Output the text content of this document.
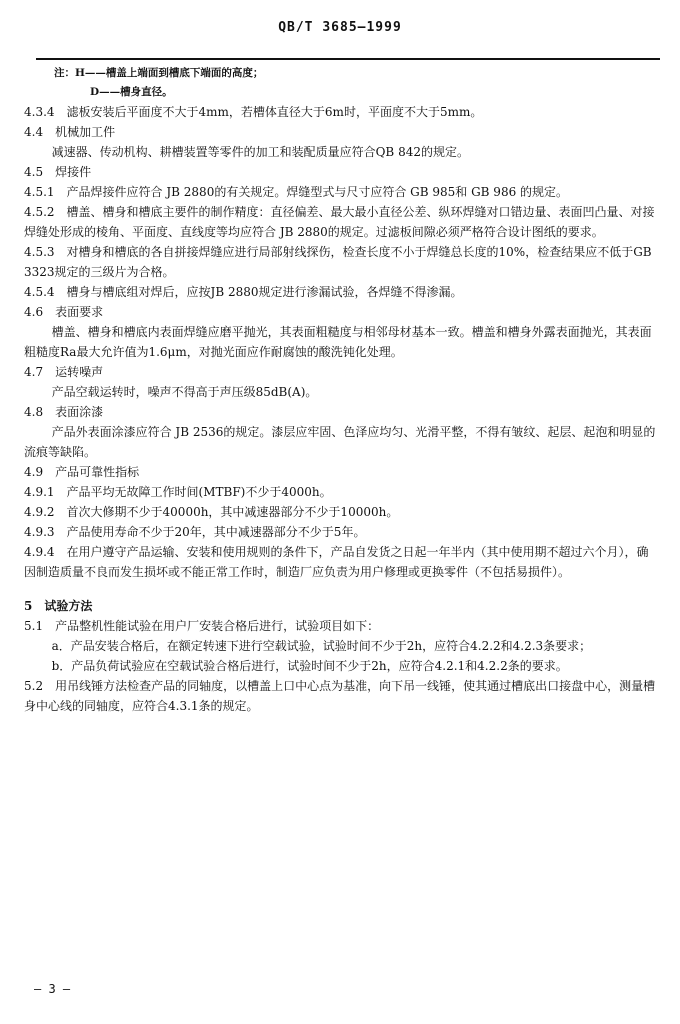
QB/T 3685—1999

注：H——槽盖上端面到槽底下端面的高度；

D——槽身直径。

4.3.4　滤板安装后平面度不大于4mm，若槽体直径大于6m时，平面度不大于5mm。

4.4　机械加工件

减速器、传动机构、耕槽装置等零件的加工和装配质量应符合QB 842的规定。

4.5　焊接件

4.5.1　产品焊接件应符合 JB 2880的有关规定。焊缝型式与尺寸应符合 GB 985和 GB 986 的规定。

4.5.2　槽盖、槽身和槽底主要件的制作精度：直径偏差、最大最小直径公差、纵环焊缝对口错边量、表面凹凸量、对接焊缝处形成的棱角、平面度、直线度等均应符合 JB 2880的规定。过滤板间隙必须严格符合设计图纸的要求。

4.5.3　对槽身和槽底的各自拼接焊缝应进行局部射线探伤，检查长度不小于焊缝总长度的10%，检查结果应不低于GB 3323规定的三级片为合格。

4.5.4　槽身与槽底组对焊后，应按JB 2880规定进行渗漏试验，各焊缝不得渗漏。

4.6　表面要求

槽盖、槽身和槽底内表面焊缝应磨平抛光，其表面粗糙度与相邻母材基本一致。槽盖和槽身外露表面抛光，其表面粗糙度Ra最大允许值为1.6μm，对抛光面应作耐腐蚀的酸洗钝化处理。

4.7　运转噪声

产品空载运转时，噪声不得高于声压级85dB(A)。

4.8　表面涂漆

产品外表面涂漆应符合 JB 2536的规定。漆层应牢固、色泽应均匀、光滑平整，不得有皱纹、起层、起泡和明显的流痕等缺陷。

4.9　产品可靠性指标

4.9.1　产品平均无故障工作时间(MTBF)不少于4000h。

4.9.2　首次大修期不少于40000h，其中减速器部分不少于10000h。

4.9.3　产品使用寿命不少于20年，其中减速器部分不少于5年。

4.9.4　在用户遵守产品运输、安装和使用规则的条件下，产品自发货之日起一年半内（其中使用期不超过六个月），确因制造质量不良而发生损坏或不能正常工作时，制造厂应负责为用户修理或更换零件（不包括易损件）。

5　试验方法

5.1　产品整机性能试验在用户厂安装合格后进行，试验项目如下：

a．产品安装合格后，在额定转速下进行空载试验，试验时间不少于2h，应符合4.2.2和4.2.3条要求；

b．产品负荷试验应在空载试验合格后进行，试验时间不少于2h，应符合4.2.1和4.2.2条的要求。

5.2　用吊线锤方法检查产品的同轴度，以槽盖上口中心点为基准，向下吊一线锤，使其通过槽底出口接盘中心，测量槽身中心线的同轴度，应符合4.3.1条的规定。

— 3 —
